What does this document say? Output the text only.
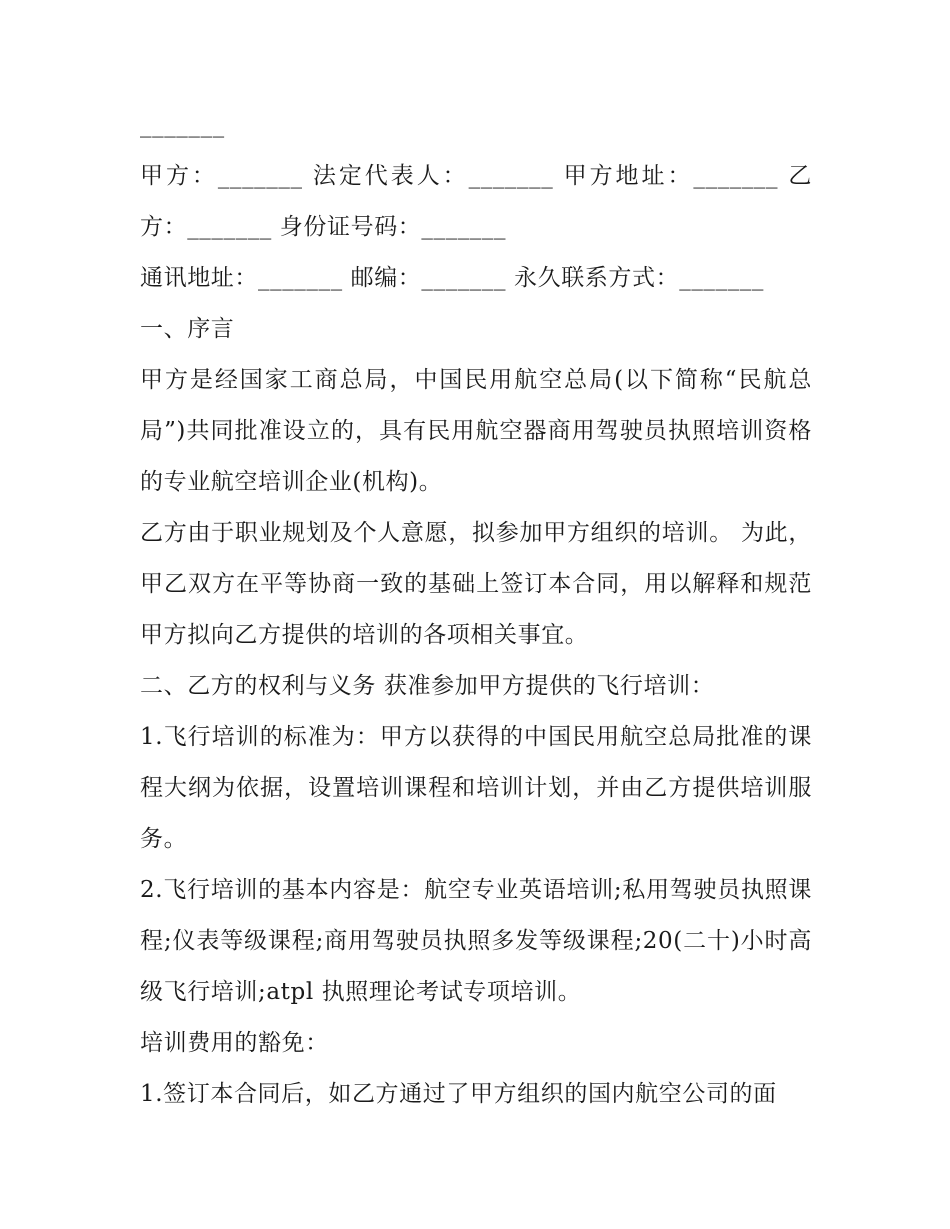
_______

甲方：_______ 法定代表人：_______ 甲方地址：_______ 乙方：_______ 身份证号码：_______

通讯地址：_______ 邮编：_______ 永久联系方式：_______

一、序言

甲方是经国家工商总局，中国民用航空总局(以下简称“民航总局”)共同批准设立的，具有民用航空器商用驾驶员执照培训资格的专业航空培训企业(机构)。

乙方由于职业规划及个人意愿，拟参加甲方组织的培训。 为此，甲乙双方在平等协商一致的基础上签订本合同，用以解释和规范甲方拟向乙方提供的培训的各项相关事宜。

二、乙方的权利与义务 获准参加甲方提供的飞行培训：

1.飞行培训的标准为：甲方以获得的中国民用航空总局批准的课程大纲为依据，设置培训课程和培训计划，并由乙方提供培训服务。

2.飞行培训的基本内容是：航空专业英语培训;私用驾驶员执照课程;仪表等级课程;商用驾驶员执照多发等级课程;20(二十)小时高级飞行培训;atpl 执照理论考试专项培训。

培训费用的豁免：

1.签订本合同后，如乙方通过了甲方组织的国内航空公司的面
